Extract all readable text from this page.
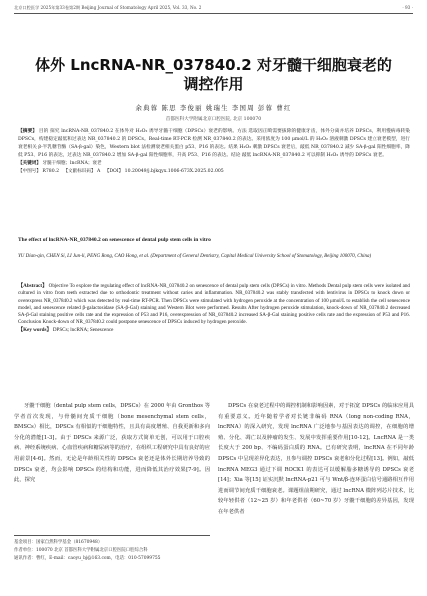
北京口腔医学 2025年第33卷第2期 Beijing Journal of Stomatology April 2025, Vol. 33, No. 2	· 93 ·
体外 LncRNA-NR_037840.2 对牙髓干细胞衰老的
调控作用
余典蓉 陈思 李俊丽 姚瑞生 李国周 彭蓉 曹红
首都医科大学附属北京口腔医院, 北京 100070
【摘要】 目的 探究 lncRNA-NR_037840.2 在体外对 H₂O₂ 诱导牙髓干细胞（DPSCs）衰老的影响。方法 选取因正畸需要拔除的健康牙齿，体外分离并培养 DPSCs，利用慢病毒转染 DPSCs，构建稳定敲低和过表达 NR_037840.2 的 DPSCs。Real-time RT-PCR 检测 NR_037840.2 的表达。采用浓度为 100 μmol/L 的 H₂O₂ 溶液刺激 DPSCs 建立衰老模型，进行衰老相关 β-半乳糖苷酶（SA-β-gal）染色，Western blot 法检测衰老相关蛋白 p53、P16 的表达。结果 H₂O₂ 刺激 DPSCs 衰老后，敲低 NR_037840.2 减少 SA-β-gal 阳性细胞率，降低 P53、P16 的表达，过表达 NR_037840.2 增加 SA-β-gal 阳性细胞率，升高 P53、P16 的表达。结论 敲低 lncRNA-NR_037840.2 可以抑制 H₂O₂ 诱导的 DPSCs 衰老。
【关键词】 牙髓干细胞；lncRNA；衰老
【中图号】 R780.2 【文献标识码】 A 【DOI】 10.20049/j.bjkqyx.1006-673X.2025.02.005
The effect of lncRNA-NR_037840.2 on senescence of dental pulp stem cells in vitro
YU Dian-qin, CHEN Si, LI Jun-li, PENG Rong, CAO Hong, et al. (Department of General Dentistry, Capital Medical University School of Stomatology, Beijing 100070, China)
【Abstract】 Objective To explore the regulating effect of lncRNA-NR_037840.2 on senescence of dental pulp stem cells (DPSCs) in vitro. Methods Dental pulp stem cells were isolated and cultured in vitro from teeth extracted due to orthodontic treatment without caries and inflammation. NR_037840.2 was stably transfected with lentivirus in DPSCs to knock down or overexpress NR_037840.2 which was detected by real-time RT-PCR. Then DPSCs were stimulated with hydrogen peroxide at the concentration of 100 μmol/L to establish the cell senescence model, and senescence related β-galactosidase (SA-β-Gal) staining and Western Blot were performed. Results After hydrogen peroxide stimulation, knock-down of NR_037840.2 decreased SA-β-Gal staining positive cells rate and the expression of P53 and P16, overexpression of NR_037840.2 increased SA-β-Gal staining positive cells rate and the expression of P53 and P16. Conclusion Knock-down of NR_037840.2 could postpone senescence of DPSCs induced by hydrogen peroxide.
【Key words】 DPSCs; lncRNA; Senescence
牙髓干细胞（dental pulp stem cells，DPSCs）在 2000 年由 Gronthos 等学者首次发现，与骨髓间充质干细胞（bone mesenchymal stem cells，BMSCs）相比，DPSCs 有相似的干细胞特性，且具有高度增殖、自我更新和多向分化的潜能[1-3]。由于 DPSCs 来源广泛，获取方式简单无创，可以用于口腔疾病、神经系统疾病、心血管疾病和糖尿病等的治疗，在组织工程研究中具有良好的应用前景[4-6]。然而，无论是年龄相关性的 DPSCs 衰老还是体外长期培养导致的 DPSCs 衰老，均会影响 DPSCs 的结构和功能，进而降低其治疗效果[7-9]。因此，探究
DPSCs 在衰老过程中的调控机制和影响因素，对于拓宽 DPSCs 的临床应用具有重要意义。近年随着学者对长链非编码 RNA（long non-coding RNA，lncRNA）的深入研究，发现 lncRNA 广泛地参与基因表达的调控，在细胞的增殖、分化、凋亡以及肿瘤的发生、发展中发挥重要作用[10-12]。LncRNA 是一类长度大于 200 bp、不编码蛋白质的 RNA。已有研究表明，lncRNA 在不同年龄 DPSCs 中呈现差异化表达，且参与调控 DPSCs 衰老和分化过程[13]。例如，敲低 lncRNA MEG3 通过下调 ROCK1 的表达可以缓解脂多糖诱导的 DPSCs 衰老[14]；Xia 等[15] 证实沉默 lncRNA-p21 可与 Wnt/β-连环蛋白信号通路相互作用进而调节间充质干细胞衰老。课题组前期研究，通过 lncRNA 微阵列芯片技术，比较年轻供者（12~25 岁）和年老供者（60~70 岁）牙髓干细胞的差异基因，发现在年老供者
基金项目：国家自然科学基金（81670948）
作者单位：100070 北京 首都医科大学附属北京口腔医院口腔综合科
通讯作者：曹红，E-mail：caoyu_bj@163.com，电话：010-57099755
